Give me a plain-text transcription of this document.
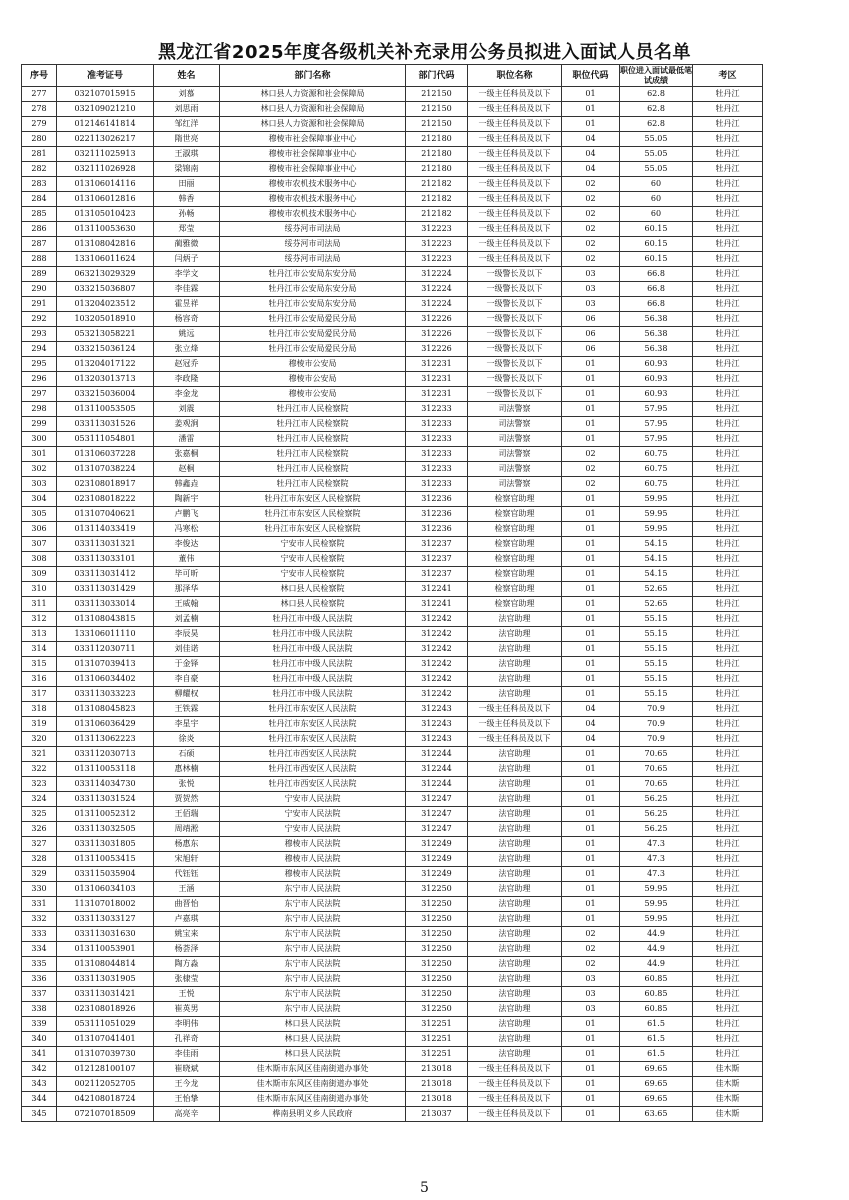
黑龙江省2025年度各级机关补充录用公务员拟进入面试人员名单
序号	准考证号	姓名	部门名称	部门代码	职位名称	职位代码	职位进入面试最低笔试成绩	考区
277	032107015915	刘慕	林口县人力资源和社会保障局	212150	一级主任科员及以下	01	62.8	牡丹江
278	032109021210	刘思雨	林口县人力资源和社会保障局	212150	一级主任科员及以下	01	62.8	牡丹江
279	012146141814	邹红洋	林口县人力资源和社会保障局	212150	一级主任科员及以下	01	62.8	牡丹江
280	022113026217	隋世亮	穆棱市社会保障事业中心	212180	一级主任科员及以下	04	55.05	牡丹江
281	032111025913	王淑琪	穆棱市社会保障事业中心	212180	一级主任科员及以下	04	55.05	牡丹江
282	032111026928	梁锦南	穆棱市社会保障事业中心	212180	一级主任科员及以下	04	55.05	牡丹江
283	013106014116	田丽	穆棱市农机技术服务中心	212182	一级主任科员及以下	02	60	牡丹江
284	013106012816	韩香	穆棱市农机技术服务中心	212182	一级主任科员及以下	02	60	牡丹江
285	013105010423	孙畅	穆棱市农机技术服务中心	212182	一级主任科员及以下	02	60	牡丹江
286	013110053630	郑莹	绥芬河市司法局	312223	一级主任科员及以下	02	60.15	牡丹江
287	013108042816	蔺雅微	绥芬河市司法局	312223	一级主任科员及以下	02	60.15	牡丹江
288	133106011624	闫炳子	绥芬河市司法局	312223	一级主任科员及以下	02	60.15	牡丹江
289	063213029329	李学文	牡丹江市公安局东安分局	312224	一级警长及以下	03	66.8	牡丹江
290	033215036807	李佳霖	牡丹江市公安局东安分局	312224	一级警长及以下	03	66.8	牡丹江
291	013204023512	霍昱祥	牡丹江市公安局东安分局	312224	一级警长及以下	03	66.8	牡丹江
292	103205018910	杨容奇	牡丹江市公安局爱民分局	312226	一级警长及以下	06	56.38	牡丹江
293	053213058221	姚远	牡丹江市公安局爱民分局	312226	一级警长及以下	06	56.38	牡丹江
294	033215036124	张立烽	牡丹江市公安局爱民分局	312226	一级警长及以下	06	56.38	牡丹江
295	013204017122	赵冠乔	穆棱市公安局	312231	一级警长及以下	01	60.93	牡丹江
296	013203013713	李政隆	穆棱市公安局	312231	一级警长及以下	01	60.93	牡丹江
297	033215036004	李金龙	穆棱市公安局	312231	一级警长及以下	01	60.93	牡丹江
298	013110053505	刘震	牡丹江市人民检察院	312233	司法警察	01	57.95	牡丹江
299	033113031526	姜观涧	牡丹江市人民检察院	312233	司法警察	01	57.95	牡丹江
300	053111054801	潘雷	牡丹江市人民检察院	312233	司法警察	01	57.95	牡丹江
301	013106037228	张嘉桐	牡丹江市人民检察院	312233	司法警察	02	60.75	牡丹江
302	013107038224	赵桐	牡丹江市人民检察院	312233	司法警察	02	60.75	牡丹江
303	023108018917	韩鑫垚	牡丹江市人民检察院	312233	司法警察	02	60.75	牡丹江
304	023108018222	陶新宇	牡丹江市东安区人民检察院	312236	检察官助理	01	59.95	牡丹江
305	013107040621	卢鹏飞	牡丹江市东安区人民检察院	312236	检察官助理	01	59.95	牡丹江
306	013114033419	冯寒松	牡丹江市东安区人民检察院	312236	检察官助理	01	59.95	牡丹江
307	033113031321	李俊达	宁安市人民检察院	312237	检察官助理	01	54.15	牡丹江
308	033113033101	董伟	宁安市人民检察院	312237	检察官助理	01	54.15	牡丹江
309	033113031412	毕可昕	宁安市人民检察院	312237	检察官助理	01	54.15	牡丹江
310	033113031429	那泽华	林口县人民检察院	312241	检察官助理	01	52.65	牡丹江
311	033113033014	王威翰	林口县人民检察院	312241	检察官助理	01	52.65	牡丹江
312	013108043815	刘孟楠	牡丹江市中级人民法院	312242	法官助理	01	55.15	牡丹江
313	133106011110	李辰昊	牡丹江市中级人民法院	312242	法官助理	01	55.15	牡丹江
314	033112030711	刘佳诺	牡丹江市中级人民法院	312242	法官助理	01	55.15	牡丹江
315	013107039413	于金铎	牡丹江市中级人民法院	312242	法官助理	01	55.15	牡丹江
316	013106034402	李自豪	牡丹江市中级人民法院	312242	法官助理	01	55.15	牡丹江
317	033113033223	柳耀权	牡丹江市中级人民法院	312242	法官助理	01	55.15	牡丹江
318	013108045823	王铁霖	牡丹江市东安区人民法院	312243	一级主任科员及以下	04	70.9	牡丹江
319	013106036429	李星宇	牡丹江市东安区人民法院	312243	一级主任科员及以下	04	70.9	牡丹江
320	013113062223	徐炎	牡丹江市东安区人民法院	312243	一级主任科员及以下	04	70.9	牡丹江
321	033112030713	石硕	牡丹江市西安区人民法院	312244	法官助理	01	70.65	牡丹江
322	013110053118	惠林楠	牡丹江市西安区人民法院	312244	法官助理	01	70.65	牡丹江
323	033114034730	张悦	牡丹江市西安区人民法院	312244	法官助理	01	70.65	牡丹江
324	033113031524	贾贺然	宁安市人民法院	312247	法官助理	01	56.25	牡丹江
325	013110052312	王佰瑞	宁安市人民法院	312247	法官助理	01	56.25	牡丹江
326	033113032505	周靖淞	宁安市人民法院	312247	法官助理	01	56.25	牡丹江
327	033113031805	杨惠东	穆棱市人民法院	312249	法官助理	01	47.3	牡丹江
328	013110053415	宋旭轩	穆棱市人民法院	312249	法官助理	01	47.3	牡丹江
329	033115035904	代钰钰	穆棱市人民法院	312249	法官助理	01	47.3	牡丹江
330	013106034103	王涵	东宁市人民法院	312250	法官助理	01	59.95	牡丹江
331	113107018002	曲晋怡	东宁市人民法院	312250	法官助理	01	59.95	牡丹江
332	033113033127	卢嘉琪	东宁市人民法院	312250	法官助理	01	59.95	牡丹江
333	033113031630	姚宝来	东宁市人民法院	312250	法官助理	02	44.9	牡丹江
334	013110053901	杨荟泽	东宁市人民法院	312250	法官助理	02	44.9	牡丹江
335	013108044814	陶方淼	东宁市人民法院	312250	法官助理	02	44.9	牡丹江
336	033113031905	张棣莹	东宁市人民法院	312250	法官助理	03	60.85	牡丹江
337	033113031421	王悦	东宁市人民法院	312250	法官助理	03	60.85	牡丹江
338	023108018926	崔英男	东宁市人民法院	312250	法官助理	03	60.85	牡丹江
339	053111051029	李明伟	林口县人民法院	312251	法官助理	01	61.5	牡丹江
340	013107041401	孔祥奇	林口县人民法院	312251	法官助理	01	61.5	牡丹江
341	013107039730	李佳雨	林口县人民法院	312251	法官助理	01	61.5	牡丹江
342	012128100107	崔晓斌	佳木斯市东风区佳南街道办事处	213018	一级主任科员及以下	01	69.65	佳木斯
343	002112052705	王今龙	佳木斯市东风区佳南街道办事处	213018	一级主任科员及以下	01	69.65	佳木斯
344	042108018724	王怡挚	佳木斯市东风区佳南街道办事处	213018	一级主任科员及以下	01	69.65	佳木斯
345	072107018509	高亮辛	桦南县明义乡人民政府	213037	一级主任科员及以下	01	63.65	佳木斯
5
